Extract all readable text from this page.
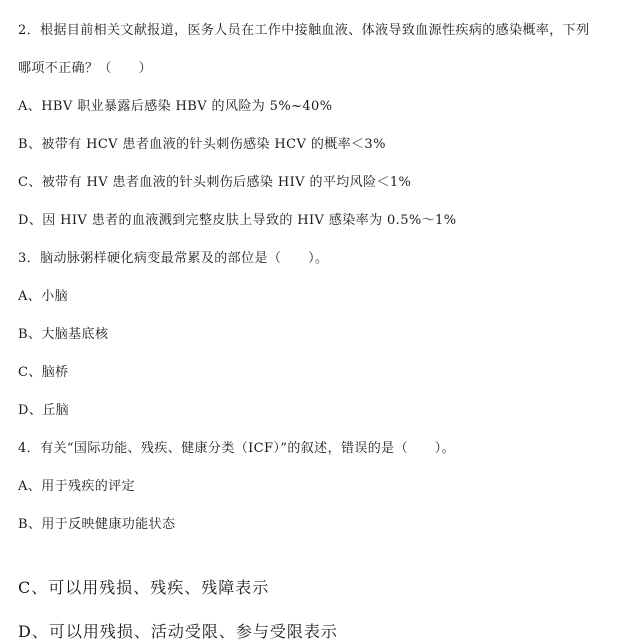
2．根据目前相关文献报道，医务人员在工作中接触血液、体液导致血源性疾病的感染概率，下列
哪项不正确？（　　）
A、HBV 职业暴露后感染 HBV 的风险为 5%~40%
B、被带有 HCV 患者血液的针头刺伤感染 HCV 的概率＜3%
C、被带有 HV 患者血液的针头刺伤后感染 HIV 的平均风险＜1%
D、因 HIV 患者的血液溅到完整皮肤上导致的 HIV 感染率为 0.5%～1%
3．脑动脉粥样硬化病变最常累及的部位是（　　）。
A、小脑
B、大脑基底核
C、脑桥
D、丘脑
4．有关“国际功能、残疾、健康分类（ICF）”的叙述，错误的是（　　）。
A、用于残疾的评定
B、用于反映健康功能状态
C、可以用残损、残疾、残障表示
D、可以用残损、活动受限、参与受限表示
